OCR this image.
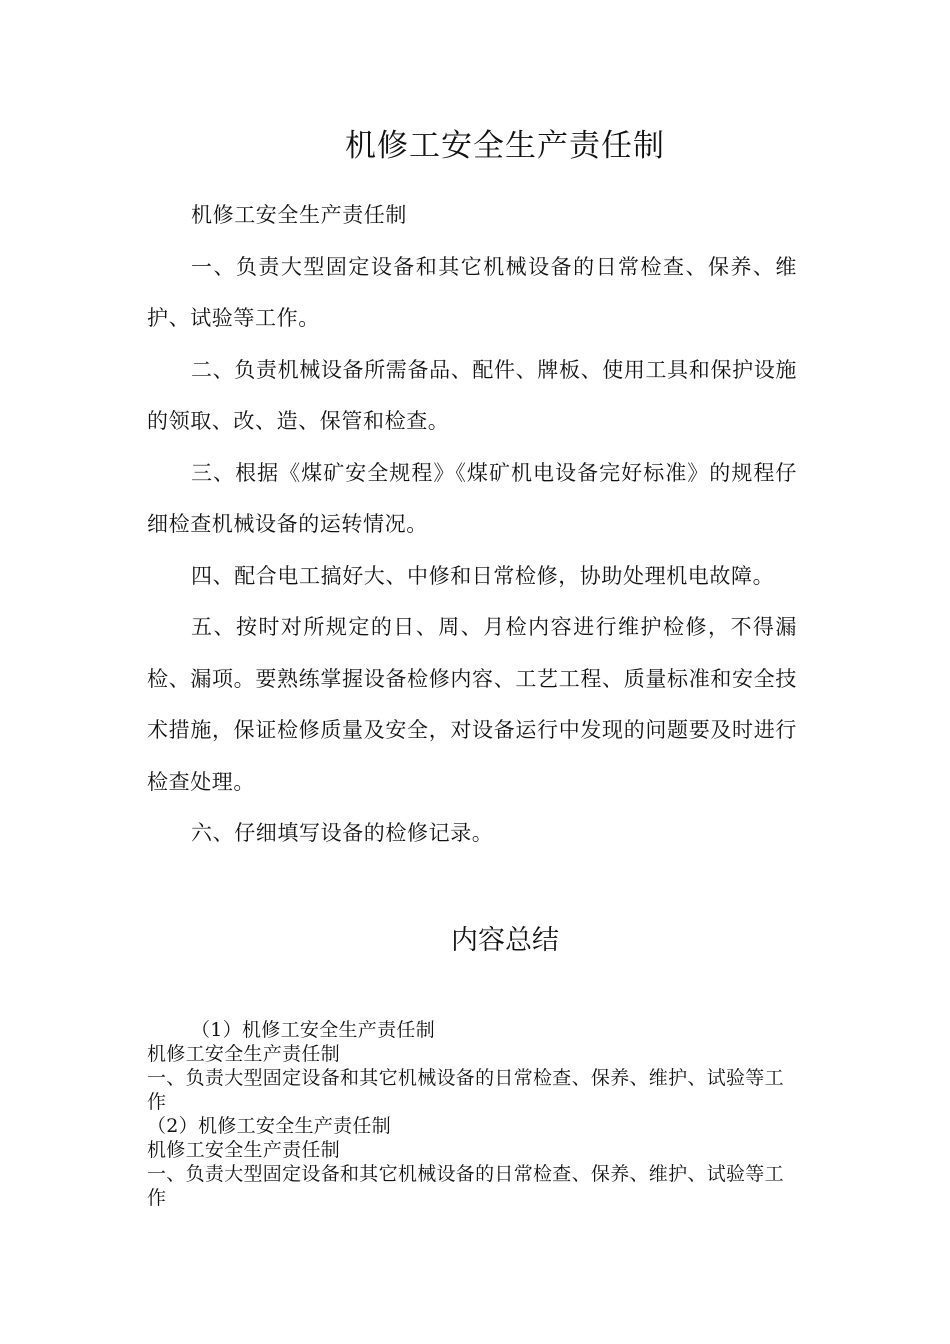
机修工安全生产责任制

机修工安全生产责任制

一、负责大型固定设备和其它机械设备的日常检查、保养、维护、试验等工作。

二、负责机械设备所需备品、配件、牌板、使用工具和保护设施的领取、改、造、保管和检查。

三、根据《煤矿安全规程》《煤矿机电设备完好标准》的规程仔细检查机械设备的运转情况。

四、配合电工搞好大、中修和日常检修，协助处理机电故障。

五、按时对所规定的日、周、月检内容进行维护检修，不得漏检、漏项。要熟练掌握设备检修内容、工艺工程、质量标准和安全技术措施，保证检修质量及安全，对设备运行中发现的问题要及时进行检查处理。

六、仔细填写设备的检修记录。

内容总结

（1）机修工安全生产责任制

机修工安全生产责任制

一、负责大型固定设备和其它机械设备的日常检查、保养、维护、试验等工作

（2）机修工安全生产责任制

机修工安全生产责任制

一、负责大型固定设备和其它机械设备的日常检查、保养、维护、试验等工作
